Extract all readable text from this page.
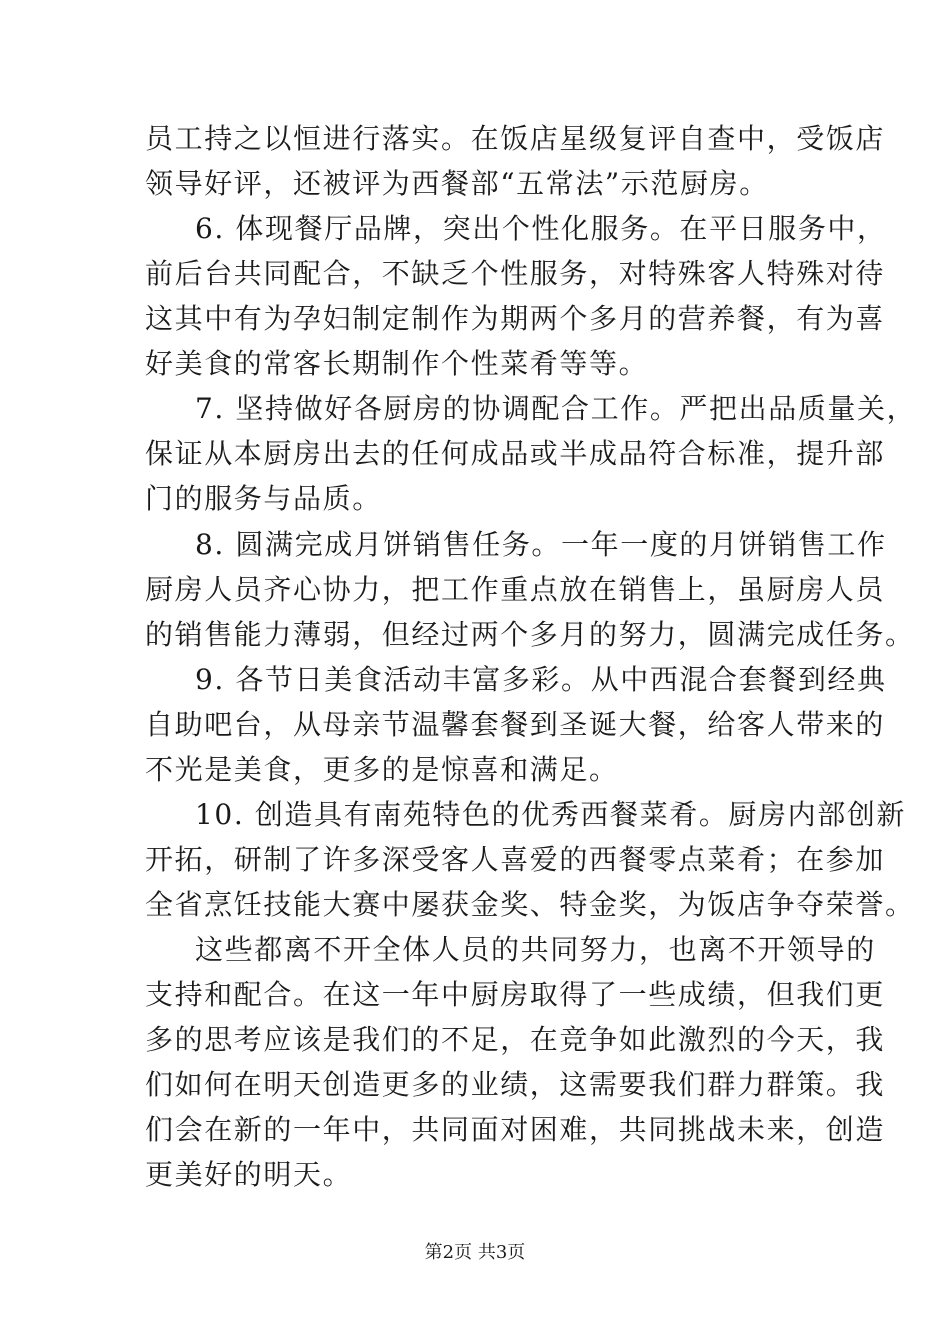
员工持之以恒进行落实。在饭店星级复评自查中，受饭店
领导好评，还被评为西餐部“五常法”示范厨房。
6. 体现餐厅品牌，突出个性化服务。在平日服务中，
前后台共同配合，不缺乏个性服务，对特殊客人特殊对待
这其中有为孕妇制定制作为期两个多月的营养餐，有为喜
好美食的常客长期制作个性菜肴等等。
7. 坚持做好各厨房的协调配合工作。严把出品质量关，
保证从本厨房出去的任何成品或半成品符合标准，提升部
门的服务与品质。
8. 圆满完成月饼销售任务。一年一度的月饼销售工作
厨房人员齐心协力，把工作重点放在销售上，虽厨房人员
的销售能力薄弱，但经过两个多月的努力，圆满完成任务。
9. 各节日美食活动丰富多彩。从中西混合套餐到经典
自助吧台，从母亲节温馨套餐到圣诞大餐，给客人带来的
不光是美食，更多的是惊喜和满足。
10. 创造具有南苑特色的优秀西餐菜肴。厨房内部创新
开拓，研制了许多深受客人喜爱的西餐零点菜肴；在参加
全省烹饪技能大赛中屡获金奖、特金奖，为饭店争夺荣誉。
这些都离不开全体人员的共同努力，也离不开领导的
支持和配合。在这一年中厨房取得了一些成绩，但我们更
多的思考应该是我们的不足，在竞争如此激烈的今天，我
们如何在明天创造更多的业绩，这需要我们群力群策。我
们会在新的一年中，共同面对困难，共同挑战未来，创造
更美好的明天。
第2页 共3页
